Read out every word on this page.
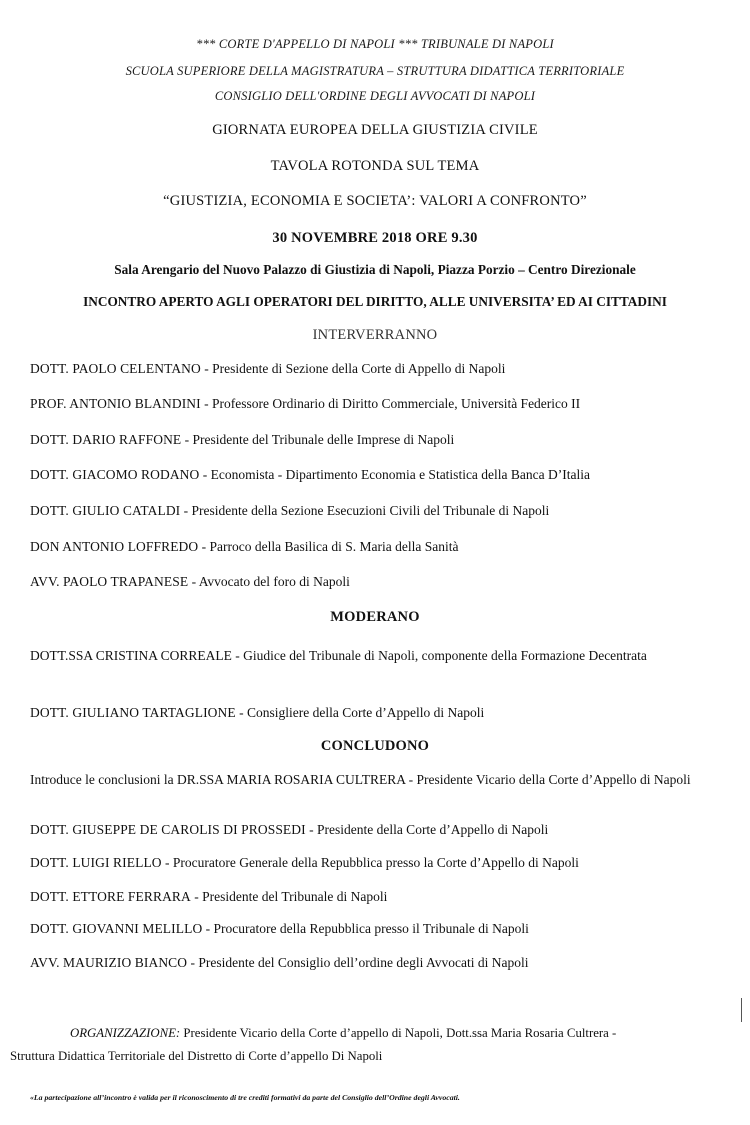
*** CORTE D'APPELLO DI NAPOLI *** TRIBUNALE DI NAPOLI
SCUOLA SUPERIORE DELLA MAGISTRATURA – STRUTTURA DIDATTICA TERRITORIALE
CONSIGLIO DELL'ORDINE DEGLI AVVOCATI DI NAPOLI
GIORNATA EUROPEA DELLA GIUSTIZIA CIVILE
TAVOLA ROTONDA SUL TEMA
“GIUSTIZIA, ECONOMIA E SOCIETA’: VALORI A CONFRONTO”
30 NOVEMBRE 2018 ORE 9.30
Sala Arengario del Nuovo Palazzo di Giustizia di Napoli, Piazza Porzio – Centro Direzionale
INCONTRO APERTO AGLI OPERATORI DEL DIRITTO, ALLE UNIVERSITA’ ED AI CITTADINI
INTERVERRANNO
DOTT. PAOLO CELENTANO - Presidente di Sezione della Corte di Appello di Napoli
PROF. ANTONIO BLANDINI - Professore Ordinario di Diritto Commerciale, Università Federico II
DOTT. DARIO RAFFONE - Presidente del Tribunale delle Imprese di Napoli
DOTT. GIACOMO RODANO - Economista - Dipartimento Economia e Statistica della Banca D’Italia
DOTT. GIULIO CATALDI - Presidente della Sezione Esecuzioni Civili del Tribunale di Napoli
DON ANTONIO LOFFREDO - Parroco della Basilica di S. Maria della Sanità
AVV. PAOLO TRAPANESE - Avvocato del foro di Napoli
MODERANO
DOTT.SSA CRISTINA CORREALE - Giudice del Tribunale di Napoli, componente della Formazione Decentrata
DOTT. GIULIANO TARTAGLIONE - Consigliere della Corte d’Appello di Napoli
CONCLUDONO
Introduce le conclusioni la DR.SSA MARIA ROSARIA CULTRERA - Presidente Vicario della Corte d’Appello di Napoli
DOTT. GIUSEPPE DE CAROLIS DI PROSSEDI - Presidente della Corte d’Appello di Napoli
DOTT. LUIGI RIELLO - Procuratore Generale della Repubblica presso la Corte d’Appello di Napoli
DOTT. ETTORE FERRARA - Presidente del Tribunale di Napoli
DOTT. GIOVANNI MELILLO - Procuratore della Repubblica presso il Tribunale di Napoli
AVV. MAURIZIO BIANCO - Presidente del Consiglio dell’ordine degli Avvocati di Napoli
ORGANIZZAZIONE: Presidente Vicario della Corte d’appello di Napoli, Dott.ssa Maria Rosaria Cultrera -
Struttura Didattica Territoriale del Distretto di Corte d’appello Di Napoli
«La partecipazione all’incontro è valida per il riconoscimento di tre crediti formativi da parte del Consiglio dell’Ordine degli Avvocati.
